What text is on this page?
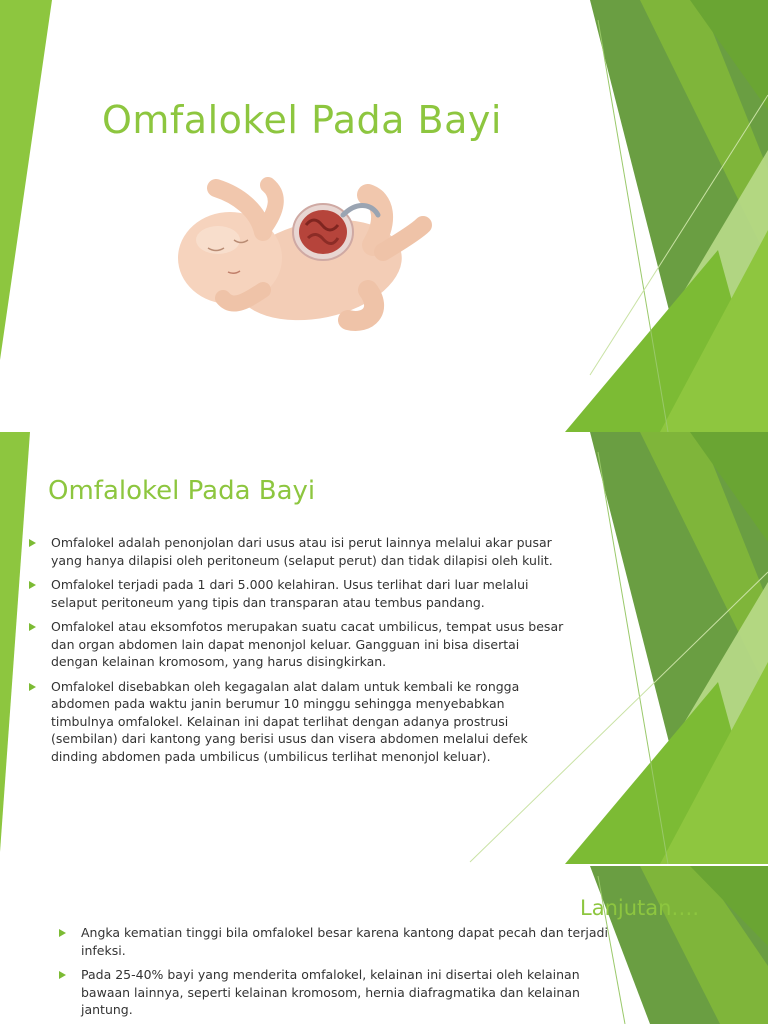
Omfalokel Pada Bayi
Omfalokel Pada Bayi
Omfalokel adalah penonjolan dari usus atau isi perut lainnya melalui akar pusar yang hanya dilapisi oleh peritoneum (selaput perut) dan tidak dilapisi oleh kulit.
Omfalokel terjadi pada 1 dari 5.000 kelahiran. Usus terlihat dari luar melalui selaput peritoneum yang tipis dan transparan atau tembus pandang.
Omfalokel atau eksomfotos merupakan suatu cacat umbilicus, tempat usus besar dan organ abdomen lain dapat menonjol keluar. Gangguan ini bisa disertai dengan kelainan kromosom, yang harus disingkirkan.
Omfalokel disebabkan oleh kegagalan alat dalam untuk kembali ke rongga abdomen pada waktu janin berumur 10 minggu sehingga menyebabkan timbulnya omfalokel. Kelainan ini dapat terlihat dengan adanya prostrusi (sembilan) dari kantong yang berisi usus dan visera abdomen melalui defek dinding abdomen pada umbilicus (umbilicus terlihat menonjol keluar).
Lanjutan….
Angka kematian tinggi bila omfalokel besar karena kantong dapat pecah dan terjadi infeksi.
Pada 25-40% bayi yang menderita omfalokel, kelainan ini disertai oleh kelainan bawaan lainnya, seperti kelainan kromosom, hernia diafragmatika dan kelainan jantung.
